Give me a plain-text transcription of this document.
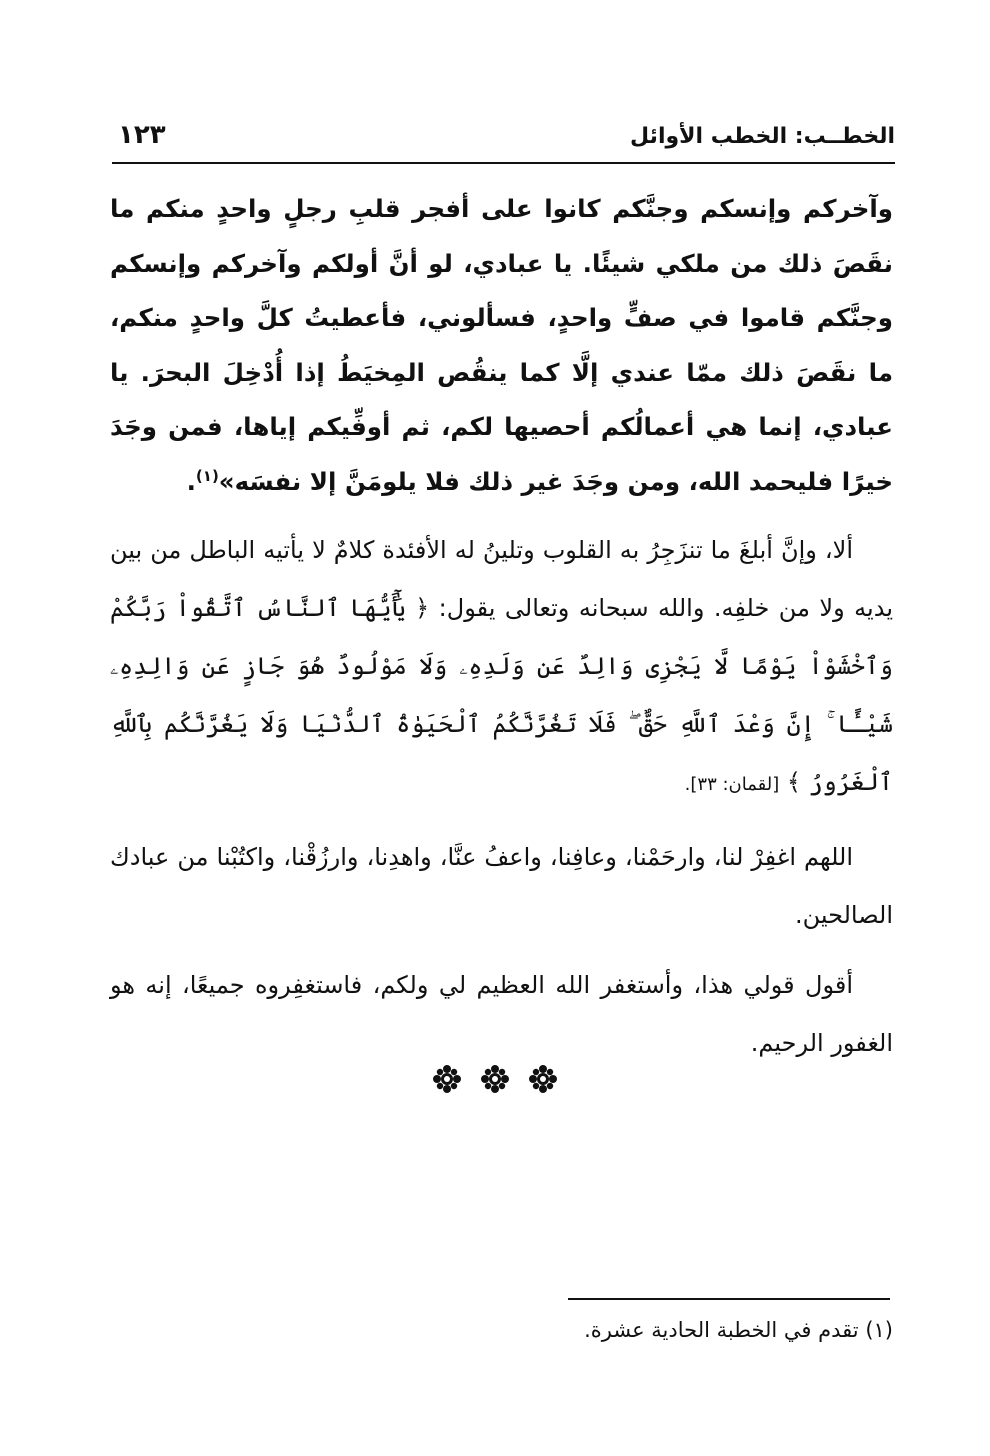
الخطــب: الخطب الأوائل
١٢٣

وآخركم وإنسكم وجنَّكم كانوا على أفجر قلبِ رجلٍ واحدٍ منكم ما نقَصَ ذلك من ملكي شيئًا. يا عبادي، لو أنَّ أولكم وآخركم وإنسكم وجنَّكم قاموا في صفٍّ واحدٍ، فسألوني، فأعطيتُ كلَّ واحدٍ منكم، ما نقَصَ ذلك ممّا عندي إلَّا كما ينقُص المِخيَطُ إذا أُدْخِلَ البحرَ. يا عبادي، إنما هي أعمالُكم أحصيها لكم، ثم أوفِّيكم إياها، فمن وجَدَ خيرًا فليحمد الله، ومن وجَدَ غير ذلك فلا يلومَنَّ إلا نفسَه»$^{(١)}$.

ألا، وإنَّ أبلغَ ما تنزَجِرُ به القلوب وتلينُ له الأفئدة كلامٌ لا يأتيه الباطل من بين يديه ولا من خلفِه. والله سبحانه وتعالى يقول: ﴿ يَٰٓأَيُّهَا ٱلنَّاسُ ٱتَّقُواْ رَبَّكُمْ وَٱخْشَوْاْ يَوْمًا لَّا يَجْزِى وَالِدٌ عَن وَلَدِهِۦ وَلَا مَوْلُودٌ هُوَ جَازٍ عَن وَالِدِهِۦ شَيْـًٔا ۚ إِنَّ وَعْدَ ٱللَّهِ حَقٌّ ۖ فَلَا تَغُرَّنَّكُمُ ٱلْحَيَوٰةُ ٱلدُّنْيَا وَلَا يَغُرَّنَّكُم بِٱللَّهِ ٱلْغَرُورُ ﴾ [لقمان: ٣٣].

اللهم اغفِرْ لنا، وارحَمْنا، وعافِنا، واعفُ عنَّا، واهدِنا، وارزُقْنا، واكتُبْنا من عبادك الصالحين.

أقول قولي هذا، وأستغفر الله العظيم لي ولكم، فاستغفِروه جميعًا، إنه هو الغفور الرحيم.

(١) تقدم في الخطبة الحادية عشرة.
